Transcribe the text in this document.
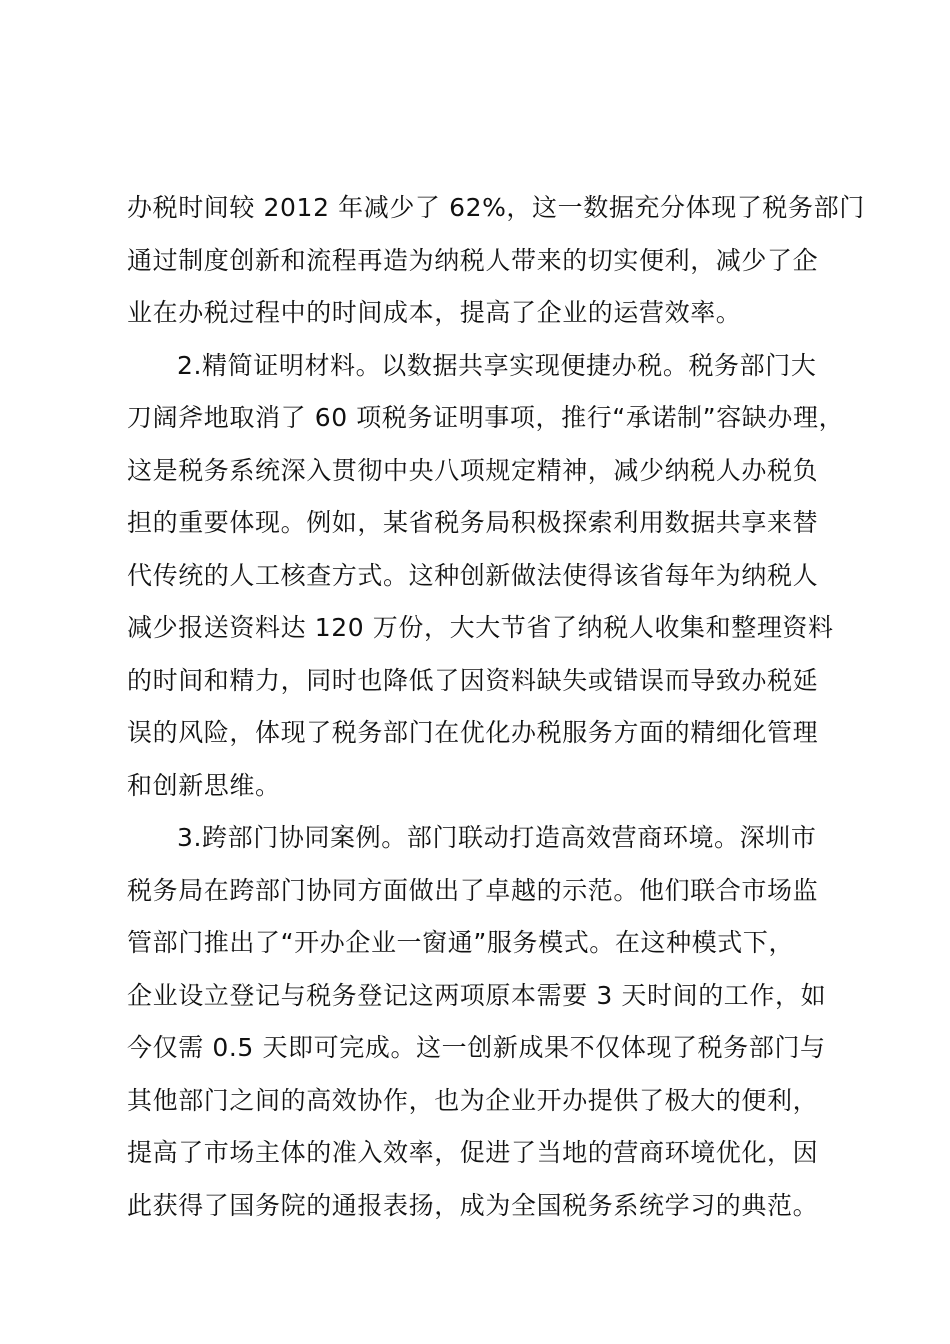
办税时间较 2012 年减少了 62%，这一数据充分体现了税务部门
通过制度创新和流程再造为纳税人带来的切实便利，减少了企
业在办税过程中的时间成本，提高了企业的运营效率。
2.精简证明材料。以数据共享实现便捷办税。税务部门大
刀阔斧地取消了 60 项税务证明事项，推行“承诺制”容缺办理，
这是税务系统深入贯彻中央八项规定精神，减少纳税人办税负
担的重要体现。例如，某省税务局积极探索利用数据共享来替
代传统的人工核查方式。这种创新做法使得该省每年为纳税人
减少报送资料达 120 万份，大大节省了纳税人收集和整理资料
的时间和精力，同时也降低了因资料缺失或错误而导致办税延
误的风险，体现了税务部门在优化办税服务方面的精细化管理
和创新思维。
3.跨部门协同案例。部门联动打造高效营商环境。深圳市
税务局在跨部门协同方面做出了卓越的示范。他们联合市场监
管部门推出了“开办企业一窗通”服务模式。在这种模式下，
企业设立登记与税务登记这两项原本需要 3 天时间的工作，如
今仅需 0.5 天即可完成。这一创新成果不仅体现了税务部门与
其他部门之间的高效协作，也为企业开办提供了极大的便利，
提高了市场主体的准入效率，促进了当地的营商环境优化，因
此获得了国务院的通报表扬，成为全国税务系统学习的典范。
